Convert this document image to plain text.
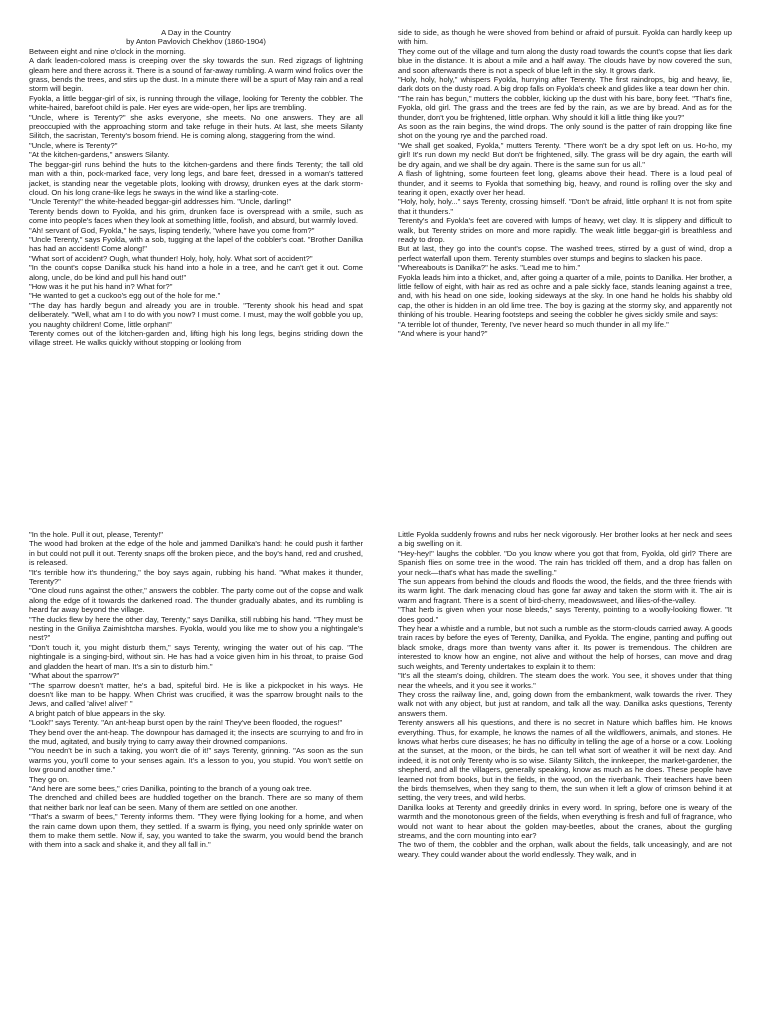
A Day in the Country

by Anton Pavlovich Chekhov (1860-1904)

Between eight and nine o'clock in the morning.

A dark leaden-colored mass is creeping over the sky towards the sun. Red zigzags of lightning gleam here and there across it. There is a sound of far-away rumbling. A warm wind frolics over the grass, bends the trees, and stirs up the dust. In a minute there will be a spurt of May rain and a real storm will begin.

Fyokla, a little beggar-girl of six, is running through the village, looking for Terenty the cobbler. The white-haired, barefoot child is pale. Her eyes are wide-open, her lips are trembling.

"Uncle, where is Terenty?" she asks everyone, she meets. No one answers. They are all preoccupied with the approaching storm and take refuge in their huts. At last, she meets Silanty Silitch, the sacristan, Terenty's bosom friend. He is coming along, staggering from the wind.

"Uncle, where is Terenty?"

"At the kitchen-gardens," answers Silanty.

The beggar-girl runs behind the huts to the kitchen-gardens and there finds Terenty; the tall old man with a thin, pock-marked face, very long legs, and bare feet, dressed in a woman's tattered jacket, is standing near the vegetable plots, looking with drowsy, drunken eyes at the dark storm-cloud. On his long crane-like legs he sways in the wind like a starling-cote.

"Uncle Terenty!" the white-headed beggar-girl addresses him. "Uncle, darling!"

Terenty bends down to Fyokla, and his grim, drunken face is overspread with a smile, such as come into people's faces when they look at something little, foolish, and absurd, but warmly loved.

"Ah! servant of God, Fyokla," he says, lisping tenderly, "where have you come from?"

"Uncle Terenty," says Fyokla, with a sob, tugging at the lapel of the cobbler's coat. "Brother Danilka has had an accident! Come along!"

"What sort of accident? Ough, what thunder! Holy, holy, holy. What sort of accident?"

"In the count's copse Danilka stuck his hand into a hole in a tree, and he can't get it out. Come along, uncle, do be kind and pull his hand out!"

"How was it he put his hand in? What for?"

"He wanted to get a cuckoo's egg out of the hole for me."

"The day has hardly begun and already you are in trouble. "Terenty shook his head and spat deliberately. "Well, what am I to do with you now? I must come. I must, may the wolf gobble you up, you naughty children! Come, little orphan!"

Terenty comes out of the kitchen-garden and, lifting high his long legs, begins striding down the village street. He walks quickly without stopping or looking from

side to side, as though he were shoved from behind or afraid of pursuit. Fyokla can hardly keep up with him.

They come out of the village and turn along the dusty road towards the count's copse that lies dark blue in the distance. It is about a mile and a half away. The clouds have by now covered the sun, and soon afterwards there is not a speck of blue left in the sky. It grows dark.

"Holy, holy, holy," whispers Fyokla, hurrying after Terenty. The first raindrops, big and heavy, lie, dark dots on the dusty road. A big drop falls on Fyokla's cheek and glides like a tear down her chin.

"The rain has begun," mutters the cobbler, kicking up the dust with his bare, bony feet. "That's fine, Fyokla, old girl. The grass and the trees are fed by the rain, as we are by bread. And as for the thunder, don't you be frightened, little orphan. Why should it kill a little thing like you?"

As soon as the rain begins, the wind drops. The only sound is the patter of rain dropping like fine shot on the young rye and the parched road.

"We shall get soaked, Fyokla," mutters Terenty. "There won't be a dry spot left on us. Ho-ho, my girl! It's run down my neck! But don't be frightened, silly. The grass will be dry again, the earth will be dry again, and we shall be dry again. There is the same sun for us all."

A flash of lightning, some fourteen feet long, gleams above their head. There is a loud peal of thunder, and it seems to Fyokla that something big, heavy, and round is rolling over the sky and tearing it open, exactly over her head.

"Holy, holy, holy..." says Terenty, crossing himself. "Don't be afraid, little orphan! It is not from spite that it thunders."

Terenty's and Fyokla's feet are covered with lumps of heavy, wet clay. It is slippery and difficult to walk, but Terenty strides on more and more rapidly. The weak little beggar-girl is breathless and ready to drop.

But at last, they go into the count's copse. The washed trees, stirred by a gust of wind, drop a perfect waterfall upon them. Terenty stumbles over stumps and begins to slacken his pace.

"Whereabouts is Danilka?" he asks. "Lead me to him."

Fyokla leads him into a thicket, and, after going a quarter of a mile, points to Danilka. Her brother, a little fellow of eight, with hair as red as ochre and a pale sickly face, stands leaning against a tree, and, with his head on one side, looking sideways at the sky. In one hand he holds his shabby old cap, the other is hidden in an old lime tree. The boy is gazing at the stormy sky, and apparently not thinking of his trouble. Hearing footsteps and seeing the cobbler he gives sickly smile and says:

"A terrible lot of thunder, Terenty, I've never heard so much thunder in all my life."

"And where is your hand?"

"In the hole. Pull it out, please, Terenty!"

The wood had broken at the edge of the hole and jammed Danilka's hand: he could push it farther in but could not pull it out. Terenty snaps off the broken piece, and the boy's hand, red and crushed, is released.

"It's terrible how it's thundering," the boy says again, rubbing his hand. "What makes it thunder, Terenty?"

"One cloud runs against the other," answers the cobbler. The party come out of the copse and walk along the edge of it towards the darkened road. The thunder gradually abates, and its rumbling is heard far away beyond the village.

"The ducks flew by here the other day, Terenty," says Danilka, still rubbing his hand. "They must be nesting in the Gniliya Zaimishtcha marshes. Fyokla, would you like me to show you a nightingale's nest?"

"Don't touch it, you might disturb them," says Terenty, wringing the water out of his cap. "The nightingale is a singing-bird, without sin. He has had a voice given him in his throat, to praise God and gladden the heart of man. It's a sin to disturb him."

"What about the sparrow?"

"The sparrow doesn't matter, he's a bad, spiteful bird. He is like a pickpocket in his ways. He doesn't like man to be happy. When Christ was crucified, it was the sparrow brought nails to the Jews, and called 'alive! alive!' "

A bright patch of blue appears in the sky.

"Look!" says Terenty. "An ant-heap burst open by the rain! They've been flooded, the rogues!"

They bend over the ant-heap. The downpour has damaged it; the insects are scurrying to and fro in the mud, agitated, and busily trying to carry away their drowned companions.

"You needn't be in such a taking, you won't die of it!" says Terenty, grinning. "As soon as the sun warms you, you'll come to your senses again. It's a lesson to you, you stupid. You won't settle on low ground another time."

They go on.

"And here are some bees," cries Danilka, pointing to the branch of a young oak tree.

The drenched and chilled bees are huddled together on the branch. There are so many of them that neither bark nor leaf can be seen. Many of them are settled on one another.

"That's a swarm of bees," Terenty informs them. "They were flying looking for a home, and when the rain came down upon them, they settled. If a swarm is flying, you need only sprinkle water on them to make them settle. Now if, say, you wanted to take the swarm, you would bend the branch with them into a sack and shake it, and they all fall in."

Little Fyokla suddenly frowns and rubs her neck vigorously. Her brother looks at her neck and sees a big swelling on it.

"Hey-hey!" laughs the cobbler. "Do you know where you got that from, Fyokla, old girl? There are Spanish flies on some tree in the wood. The rain has trickled off them, and a drop has fallen on your neck—that's what has made the swelling."

The sun appears from behind the clouds and floods the wood, the fields, and the three friends with its warm light. The dark menacing cloud has gone far away and taken the storm with it. The air is warm and fragrant. There is a scent of bird-cherry, meadowsweet, and lilies-of-the-valley.

"That herb is given when your nose bleeds," says Terenty, pointing to a woolly-looking flower. "It does good."

They hear a whistle and a rumble, but not such a rumble as the storm-clouds carried away. A goods train races by before the eyes of Terenty, Danilka, and Fyokla. The engine, panting and puffing out black smoke, drags more than twenty vans after it. Its power is tremendous. The children are interested to know how an engine, not alive and without the help of horses, can move and drag such weights, and Terenty undertakes to explain it to them:

"It's all the steam's doing, children. The steam does the work. You see, it shoves under that thing near the wheels, and it you see it works."

They cross the railway line, and, going down from the embankment, walk towards the river. They walk not with any object, but just at random, and talk all the way. Danilka asks questions, Terenty answers them.

Terenty answers all his questions, and there is no secret in Nature which baffles him. He knows everything. Thus, for example, he knows the names of all the wildflowers, animals, and stones. He knows what herbs cure diseases; he has no difficulty in telling the age of a horse or a cow. Looking at the sunset, at the moon, or the birds, he can tell what sort of weather it will be next day. And indeed, it is not only Terenty who is so wise. Silanty Silitch, the innkeeper, the market-gardener, the shepherd, and all the villagers, generally speaking, know as much as he does. These people have learned not from books, but in the fields, in the wood, on the riverbank. Their teachers have been the birds themselves, when they sang to them, the sun when it left a glow of crimson behind it at setting, the very trees, and wild herbs.

Danilka looks at Terenty and greedily drinks in every word. In spring, before one is weary of the warmth and the monotonous green of the fields, when everything is fresh and full of fragrance, who would not want to hear about the golden may-beetles, about the cranes, about the gurgling streams, and the corn mounting into ear?

The two of them, the cobbler and the orphan, walk about the fields, talk unceasingly, and are not weary. They could wander about the world endlessly. They walk, and in
